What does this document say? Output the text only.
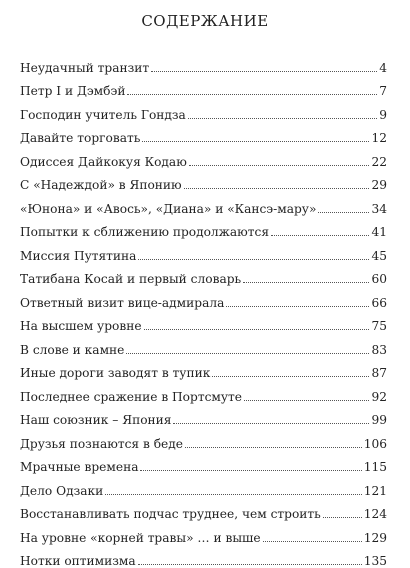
СОДЕРЖАНИЕ
Неудачный транзит	4
Петр I и Дэмбэй	7
Господин учитель Гондза	9
Давайте торговать	12
Одиссея Дайкокуя Кодаю	22
С «Надеждой» в Японию	29
«Юнона» и «Авось», «Диана» и «Кансэ-мару»	34
Попытки к сближению продолжаются	41
Миссия Путятина	45
Татибана Косай и первый словарь	60
Ответный визит вице-адмирала	66
На высшем уровне	75
В слове и камне	83
Иные дороги заводят в тупик	87
Последнее сражение в Портсмуте	92
Наш союзник – Япония	99
Друзья познаются в беде	106
Мрачные времена	115
Дело Одзаки	121
Восстанавливать подчас труднее, чем строить	124
На уровне «корней травы» … и выше	129
Нотки оптимизма	135
